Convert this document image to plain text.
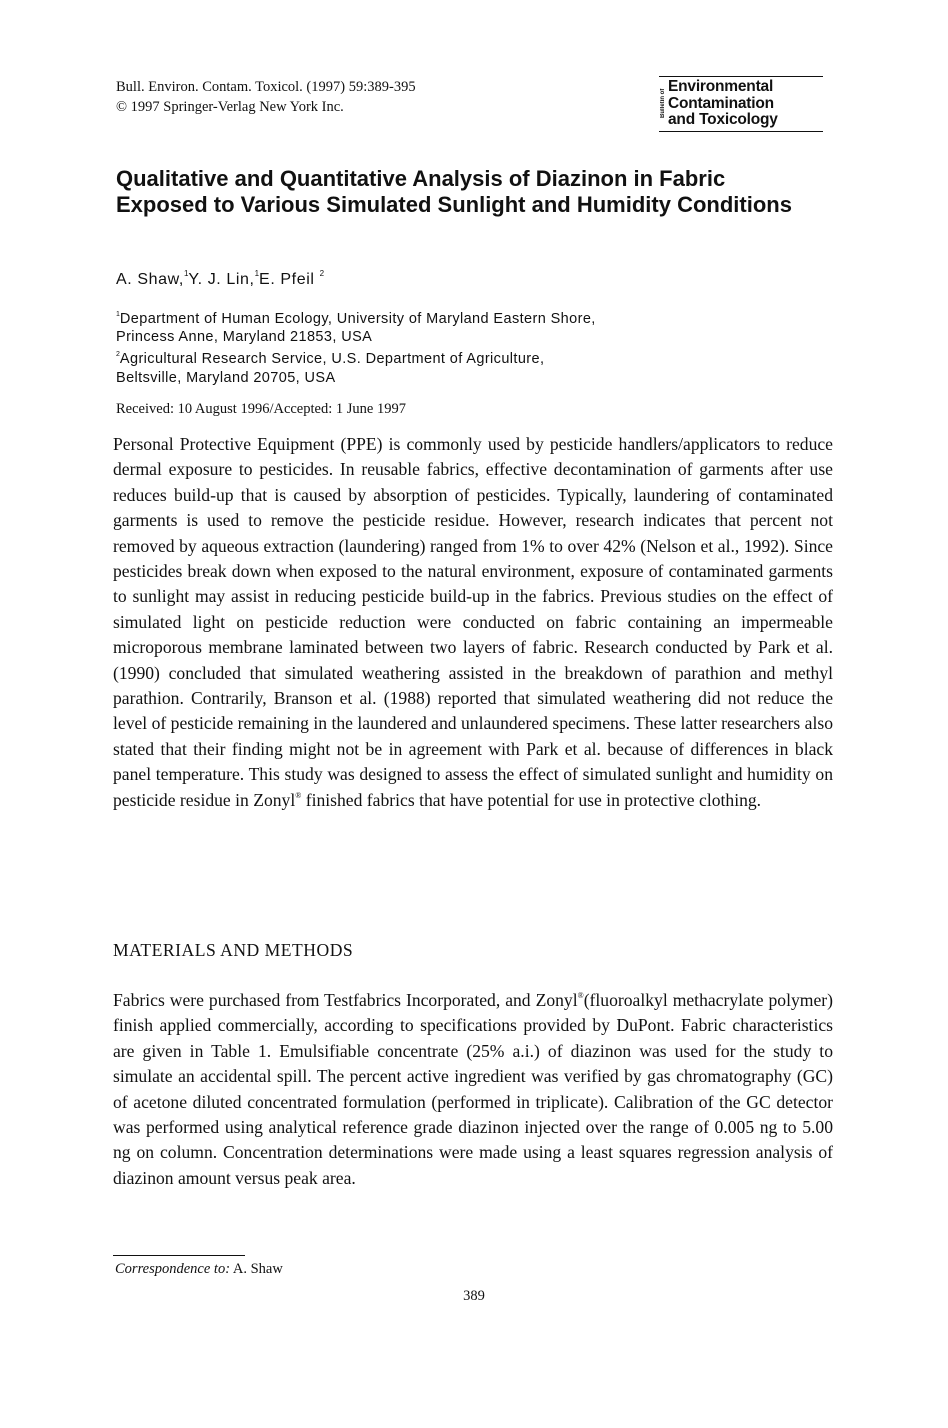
Bull. Environ. Contam. Toxicol. (1997) 59:389-395
© 1997 Springer-Verlag New York Inc.	Bulletin of
Environmental
Contamination
and Toxicology
Qualitative and Quantitative Analysis of Diazinon in Fabric Exposed to Various Simulated Sunlight and Humidity Conditions
A. Shaw,$^1$Y. J. Lin,$^1$E. Pfeil $^2$
$^1$Department of Human Ecology, University of Maryland Eastern Shore,
Princess Anne, Maryland 21853, USA
$^2$Agricultural Research Service, U.S. Department of Agriculture,
Beltsville, Maryland 20705, USA
Received: 10 August 1996/Accepted: 1 June 1997

Personal Protective Equipment (PPE) is commonly used by pesticide handlers/applicators to reduce dermal exposure to pesticides. In reusable fabrics, effective decontamination of garments after use reduces build-up that is caused by absorption of pesticides. Typically, laundering of contaminated garments is used to remove the pesticide residue. However, research indicates that percent not removed by aqueous extraction (laundering) ranged from 1% to over 42% (Nelson et al., 1992). Since pesticides break down when exposed to the natural environment, exposure of contaminated garments to sunlight may assist in reducing pesticide build-up in the fabrics. Previous studies on the effect of simulated light on pesticide reduction were conducted on fabric containing an impermeable microporous membrane laminated between two layers of fabric. Research conducted by Park et al. (1990) concluded that simulated weathering assisted in the breakdown of parathion and methyl parathion. Contrarily, Branson et al. (1988) reported that simulated weathering did not reduce the level of pesticide remaining in the laundered and unlaundered specimens. These latter researchers also stated that their finding might not be in agreement with Park et al. because of differences in black panel temperature. This study was designed to assess the effect of simulated sunlight and humidity on pesticide residue in Zonyl® finished fabrics that have potential for use in protective clothing.

MATERIALS AND METHODS

Fabrics were purchased from Testfabrics Incorporated, and Zonyl®(fluoroalkyl methacrylate polymer) finish applied commercially, according to specifications provided by DuPont. Fabric characteristics are given in Table 1. Emulsifiable concentrate (25% a.i.) of diazinon was used for the study to simulate an accidental spill. The percent active ingredient was verified by gas chromatography (GC) of acetone diluted concentrated formulation (performed in triplicate). Calibration of the GC detector was performed using analytical reference grade diazinon injected over the range of 0.005 ng to 5.00 ng on column. Concentration determinations were made using a least squares regression analysis of diazinon amount versus peak area.

Correspondence to: A. Shaw
389
